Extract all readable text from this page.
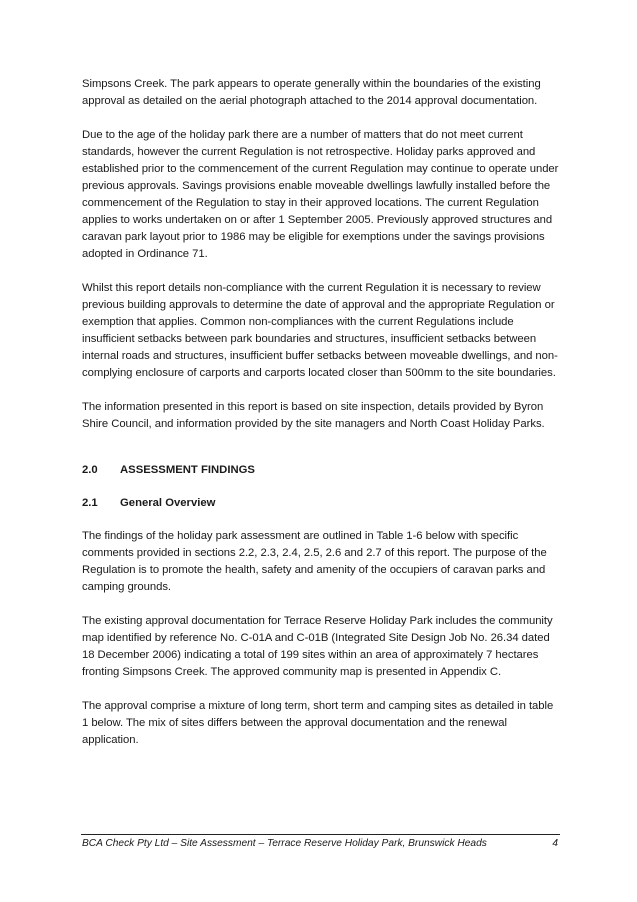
Simpsons Creek. The park appears to operate generally within the boundaries of the existing approval as detailed on the aerial photograph attached to the 2014 approval documentation.

Due to the age of the holiday park there are a number of matters that do not meet current standards, however the current Regulation is not retrospective. Holiday parks approved and established prior to the commencement of the current Regulation may continue to operate under previous approvals. Savings provisions enable moveable dwellings lawfully installed before the commencement of the Regulation to stay in their approved locations. The current Regulation applies to works undertaken on or after 1 September 2005. Previously approved structures and caravan park layout prior to 1986 may be eligible for exemptions under the savings provisions adopted in Ordinance 71.

Whilst this report details non-compliance with the current Regulation it is necessary to review previous building approvals to determine the date of approval and the appropriate Regulation or exemption that applies. Common non-compliances with the current Regulations include insufficient setbacks between park boundaries and structures, insufficient setbacks between internal roads and structures, insufficient buffer setbacks between moveable dwellings, and non-complying enclosure of carports and carports located closer than 500mm to the site boundaries.

The information presented in this report is based on site inspection, details provided by Byron Shire Council, and information provided by the site managers and North Coast Holiday Parks.

2.0	ASSESSMENT FINDINGS
2.1	General Overview

The findings of the holiday park assessment are outlined in Table 1-6 below with specific comments provided in sections 2.2, 2.3, 2.4, 2.5, 2.6 and 2.7 of this report. The purpose of the Regulation is to promote the health, safety and amenity of the occupiers of caravan parks and camping grounds.

The existing approval documentation for Terrace Reserve Holiday Park includes the community map identified by reference No. C-01A and C-01B (Integrated Site Design Job No. 26.34 dated 18 December 2006) indicating a total of 199 sites within an area of approximately 7 hectares fronting Simpsons Creek. The approved community map is presented in Appendix C.

The approval comprise a mixture of long term, short term and camping sites as detailed in table 1 below. The mix of sites differs between the approval documentation and the renewal application.

BCA Check Pty Ltd – Site Assessment – Terrace Reserve Holiday Park, Brunswick Heads	4
